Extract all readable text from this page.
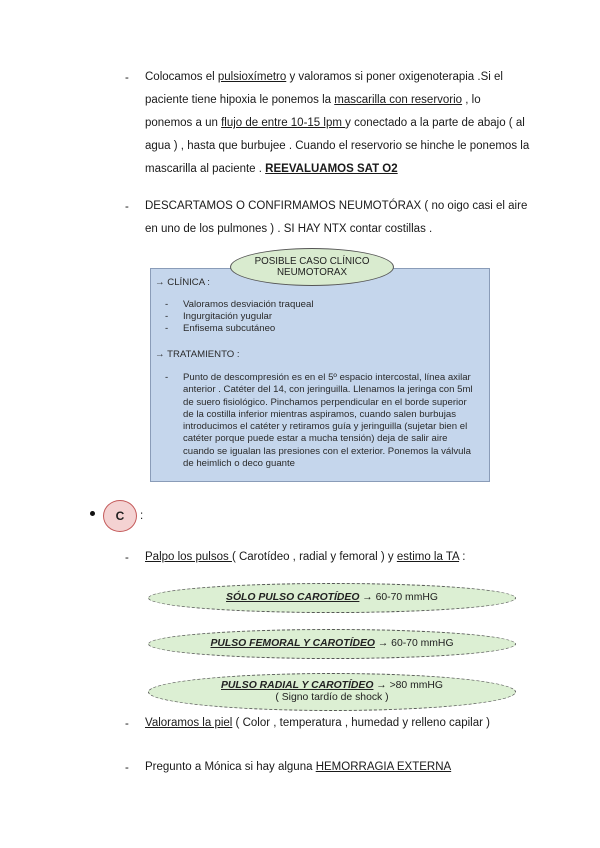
- Colocamos el pulsioxímetro y valoramos si poner oxigenoterapia .Si el paciente tiene hipoxia le ponemos la mascarilla con reservorio , lo ponemos a un flujo de entre 10-15 lpm y conectado a la parte de abajo ( al agua ) , hasta que burbujee . Cuando el reservorio se hinche le ponemos la mascarilla al paciente . REEVALUAMOS SAT O2

- DESCARTAMOS O CONFIRMAMOS NEUMOTÓRAX ( no oigo casi el aire en uno de los pulmones ) . SI HAY NTX contar costillas .

→ CLÍNICA :
- Valoramos desviación traqueal
- Ingurgitación yugular
- Enfisema subcutáneo
→ TRATAMIENTO :
- Punto de descompresión es en el 5º espacio intercostal, línea axilar anterior . Catéter del 14, con jeringuilla. Llenamos la jeringa con 5ml de suero fisiológico. Pinchamos perpendicular en el borde superior de la costilla inferior mientras aspiramos, cuando salen burbujas introducimos el catéter y retiramos guía y jeringuilla (sujetar bien el catéter porque puede estar a mucha tensión) deja de salir aire cuando se igualan las presiones con el exterior. Ponemos la válvula de heimlich o deco guante
POSIBLE CASO CLÍNICO
NEUMOTORAX
C :
- Palpo los pulsos ( Carotídeo , radial y femoral ) y estimo la TA :

SÓLO PULSO CAROTÍDEO → 60-70 mmHG
PULSO FEMORAL Y CAROTÍDEO → 60-70 mmHG
PULSO RADIAL Y CAROTÍDEO → >80 mmHG
( Signo tardío de shock )
- Valoramos la piel ( Color , temperatura , humedad y relleno capilar )

- Pregunto a Mónica si hay alguna HEMORRAGIA EXTERNA
